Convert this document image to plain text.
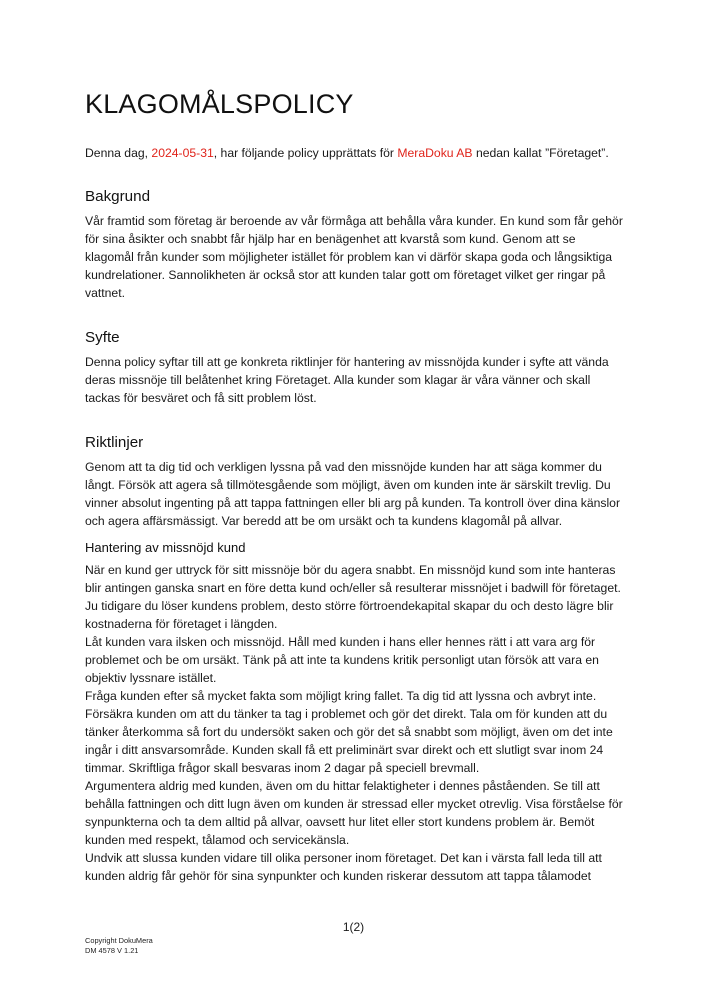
KLAGOMÅLSPOLICY

Denna dag, 2024-05-31, har följande policy upprättats för MeraDoku AB nedan kallat ”Företaget”.

Bakgrund

Vår framtid som företag är beroende av vår förmåga att behålla våra kunder. En kund som får gehör för sina åsikter och snabbt får hjälp har en benägenhet att kvarstå som kund. Genom att se klagomål från kunder som möjligheter istället för problem kan vi därför skapa goda och långsiktiga kundrelationer. Sannolikheten är också stor att kunden talar gott om företaget vilket ger ringar på vattnet.

Syfte

Denna policy syftar till att ge konkreta riktlinjer för hantering av missnöjda kunder i syfte att vända deras missnöje till belåtenhet kring Företaget. Alla kunder som klagar är våra vänner och skall tackas för besväret och få sitt problem löst.

Riktlinjer

Genom att ta dig tid och verkligen lyssna på vad den missnöjde kunden har att säga kommer du långt. Försök att agera så tillmötesgående som möjligt, även om kunden inte är särskilt trevlig. Du vinner absolut ingenting på att tappa fattningen eller bli arg på kunden. Ta kontroll över dina känslor och agera affärsmässigt. Var beredd att be om ursäkt och ta kundens klagomål på allvar.

Hantering av missnöjd kund

När en kund ger uttryck för sitt missnöje bör du agera snabbt. En missnöjd kund som inte hanteras blir antingen ganska snart en före detta kund och/eller så resulterar missnöjet i badwill för företaget. Ju tidigare du löser kundens problem, desto större förtroendekapital skapar du och desto lägre blir kostnaderna för företaget i längden.

Låt kunden vara ilsken och missnöjd. Håll med kunden i hans eller hennes rätt i att vara arg för problemet och be om ursäkt. Tänk på att inte ta kundens kritik personligt utan försök att vara en objektiv lyssnare istället.

Fråga kunden efter så mycket fakta som möjligt kring fallet. Ta dig tid att lyssna och avbryt inte. Försäkra kunden om att du tänker ta tag i problemet och gör det direkt. Tala om för kunden att du tänker återkomma så fort du undersökt saken och gör det så snabbt som möjligt, även om det inte ingår i ditt ansvarsområde. Kunden skall få ett preliminärt svar direkt och ett slutligt svar inom 24 timmar. Skriftliga frågor skall besvaras inom 2 dagar på speciell brevmall.

Argumentera aldrig med kunden, även om du hittar felaktigheter i dennes påståenden. Se till att behålla fattningen och ditt lugn även om kunden är stressad eller mycket otrevlig. Visa förståelse för synpunkterna och ta dem alltid på allvar, oavsett hur litet eller stort kundens problem är. Bemöt kunden med respekt, tålamod och servicekänsla.

Undvik att slussa kunden vidare till olika personer inom företaget. Det kan i värsta fall leda till att kunden aldrig får gehör för sina synpunkter och kunden riskerar dessutom att tappa tålamodet

1(2)
Copyright DokuMera
DM 4578 V 1.21
